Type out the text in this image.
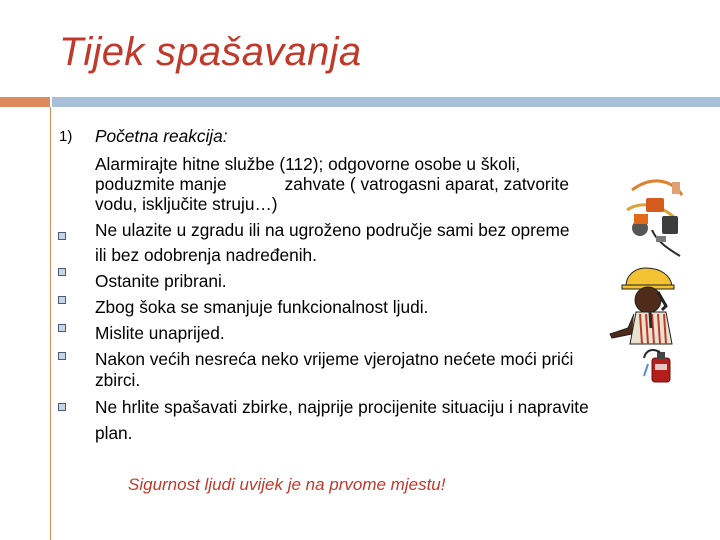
Tijek spašavanja
1) Početna reakcija:
Alarmirajte hitne službe (112); odgovorne osobe u školi,
poduzmite manje	zahvate ( vatrogasni aparat, zatvorite
vodu, isključite struju…)
Ne ulazite u zgradu ili na ugroženo područje sami bez opreme
ili bez odobrenja nadređenih.
Ostanite pribrani.
Zbog šoka se smanjuje funkcionalnost ljudi.
Mislite unaprijed.
Nakon većih nesreća neko vrijeme vjerojatno nećete moći prići
zbirci.
Ne hrlite spašavati zbirke, najprije procijenite situaciju i napravite
plan.
Sigurnost ljudi uvijek je na prvome mjestu!
